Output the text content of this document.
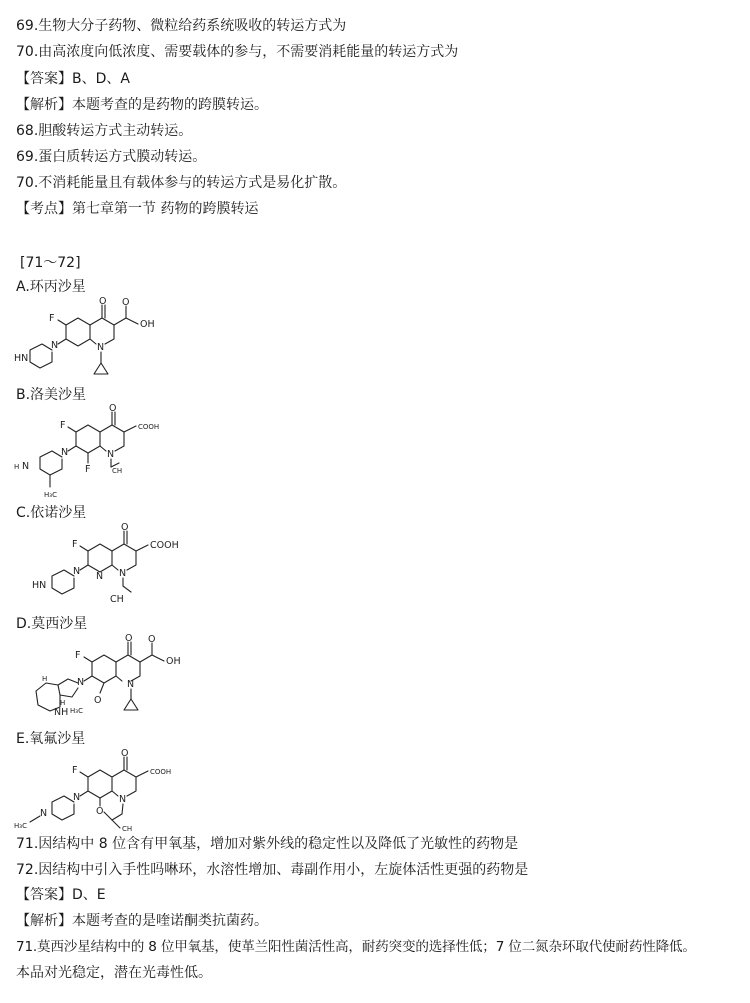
69.生物大分子药物、微粒给药系统吸收的转运方式为
70.由高浓度向低浓度、需要载体的参与，不需要消耗能量的转运方式为
【答案】B、D、A
【解析】本题考查的是药物的跨膜转运。
68.胆酸转运方式主动转运。
69.蛋白质转运方式膜动转运。
70.不消耗能量且有载体参与的转运方式是易化扩散。
【考点】第七章第一节 药物的跨膜转运
[71～72]
A.环丙沙星
O O
OH
F
N
N
HN
B.洛美沙星
O
COOH
F
F
N
CH
N
H N
H₃C
C.依诺沙星
O
COOH
F
N N
CH
N
HN
D.莫西沙星
O O
OH
F
N
O
H₃C
N
NH
H
H
E.氧氟沙星
O
COOH
F
N
O
CH
N
N
H₃C
71.因结构中 8 位含有甲氧基，增加对紫外线的稳定性以及降低了光敏性的药物是
72.因结构中引入手性吗啉环，水溶性增加、毒副作用小，左旋体活性更强的药物是
【答案】D、E
【解析】本题考查的是喹诺酮类抗菌药。
71.莫西沙星结构中的 8 位甲氧基，使革兰阳性菌活性高，耐药突变的选择性低；7 位二氮杂环取代使耐药性降低。
本品对光稳定，潜在光毒性低。
